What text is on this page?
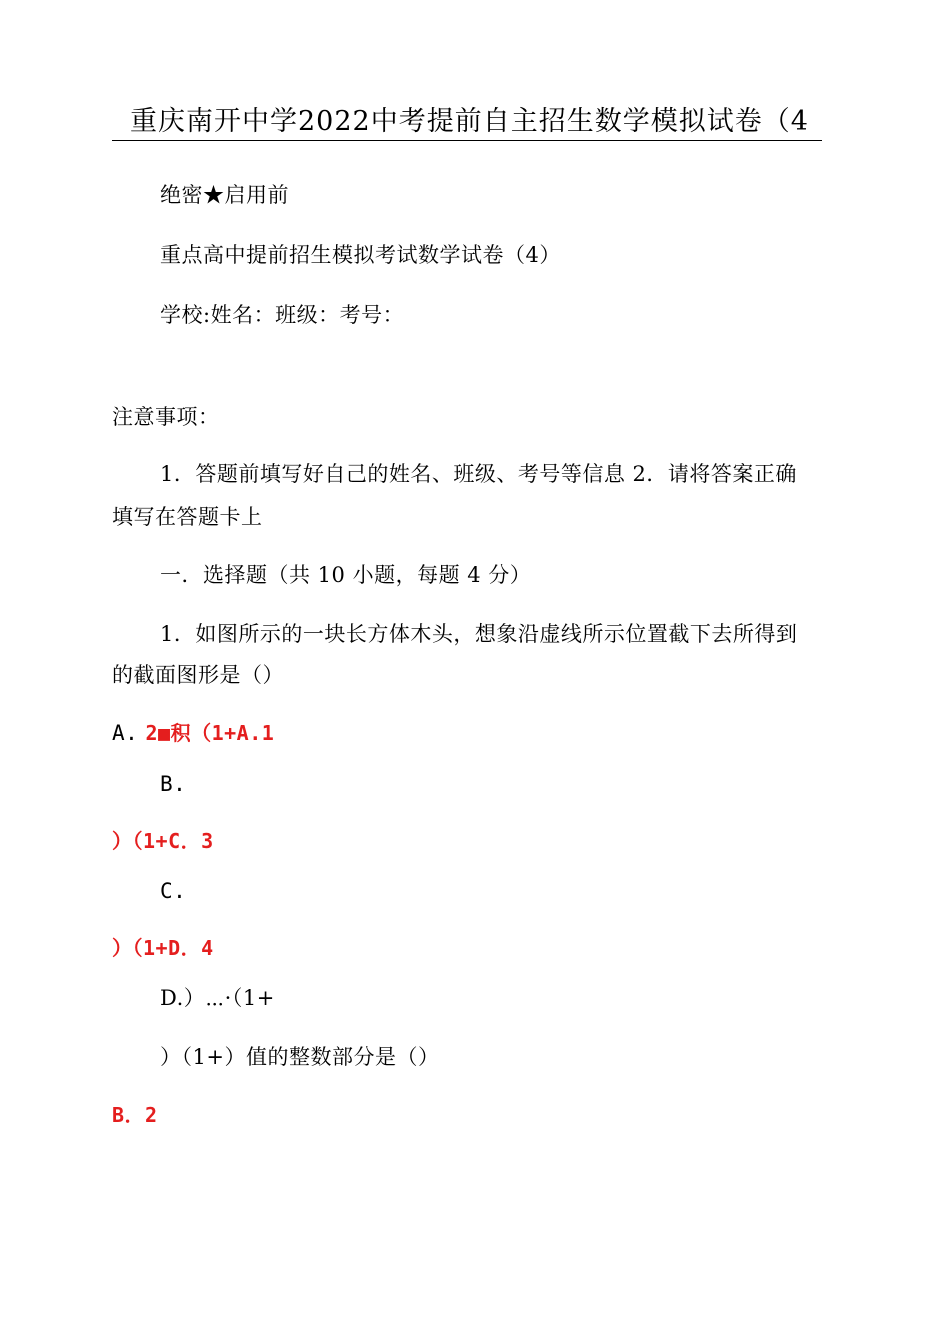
重庆南开中学2022中考提前自主招生数学模拟试卷（4
绝密★启用前
重点高中提前招生模拟考试数学试卷（4）
学校:姓名：班级：考号：
注意事项：
1．答题前填写好自己的姓名、班级、考号等信息 2．请将答案正确
填写在答题卡上
一．选择题（共 10 小题，每题 4 分）
1．如图所示的一块长方体木头，想象沿虚线所示位置截下去所得到
的截面图形是（）
A. 2■积（1+A.1
B.
）（1+C．3
C.
）（1+D．4
D.）⋯·（1+
）（1+）值的整数部分是（）
B．2
